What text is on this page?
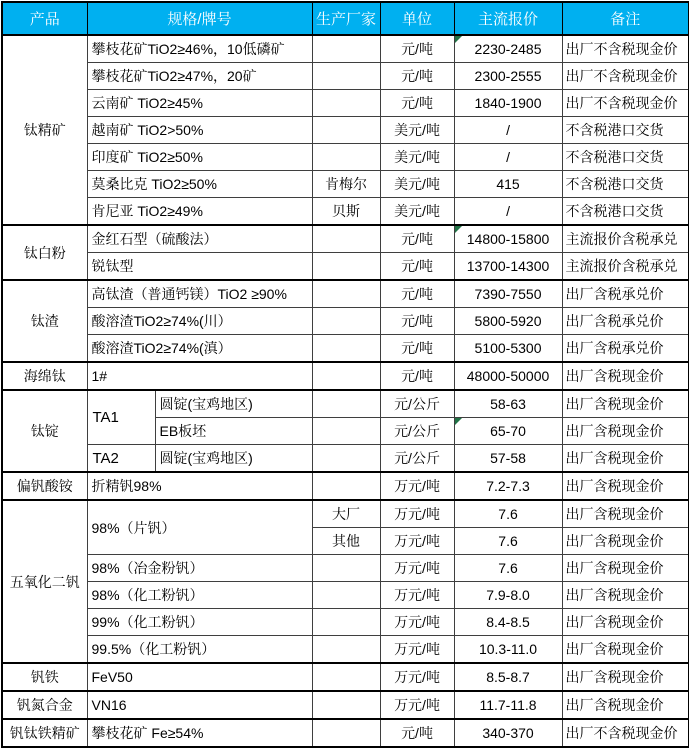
产品	规格/牌号		生产厂家	单位	主流报价	备注
钛精矿	攀枝花矿TiO2≥46%，10低磷矿			元/吨	2230-2485	出厂不含税现金价
	攀枝花矿TiO2≥47%，20矿			元/吨	2300-2555	出厂不含税现金价
	云南矿 TiO2≥45%			元/吨	1840-1900	出厂不含税现金价
	越南矿 TiO2>50%			美元/吨	/	不含税港口交货
	印度矿 TiO2≥50%			美元/吨	/	不含税港口交货
	莫桑比克 TiO2≥50%		肯梅尔	美元/吨	415	不含税港口交货
	肯尼亚 TiO2≥49%		贝斯	美元/吨	/	不含税港口交货
钛白粉	金红石型（硫酸法）			元/吨	14800-15800	主流报价含税承兑
	锐钛型			元/吨	13700-14300	主流报价含税承兑
钛渣	高钛渣（普通钙镁）TiO2 ≥90%			元/吨	7390-7550	出厂含税承兑价
	酸溶渣TiO2≥74%(川）			元/吨	5800-5920	出厂含税承兑价
	酸溶渣TiO2≥74%(滇）			元/吨	5100-5300	出厂含税承兑价
海绵钛	1#			元/吨	48000-50000	出厂含税现金价
钛锭	TA1	圆锭(宝鸡地区)		元/公斤	58-63	出厂含税现金价
		EB板坯		元/公斤	65-70	出厂含税现金价
	TA2	圆锭(宝鸡地区)		元/公斤	57-58	出厂含税现金价
偏钒酸铵	折精钒98%			万元/吨	7.2-7.3	出厂含税现金价
五氧化二钒	98%（片钒）		大厂	万元/吨	7.6	出厂含税现金价
			其他	万元/吨	7.6	出厂含税现金价
	98%（冶金粉钒）			万元/吨	7.6	出厂含税现金价
	98%（化工粉钒）			万元/吨	7.9-8.0	出厂含税现金价
	99%（化工粉钒）			万元/吨	8.4-8.5	出厂含税现金价
	99.5%（化工粉钒）			万元/吨	10.3-11.0	出厂含税现金价
钒铁	FeV50			万元/吨	8.5-8.7	出厂含税现金价
钒氮合金	VN16			万元/吨	11.7-11.8	出厂含税现金价
钒钛铁精矿	攀枝花矿 Fe≥54%			元/吨	340-370	出厂不含税现金价
